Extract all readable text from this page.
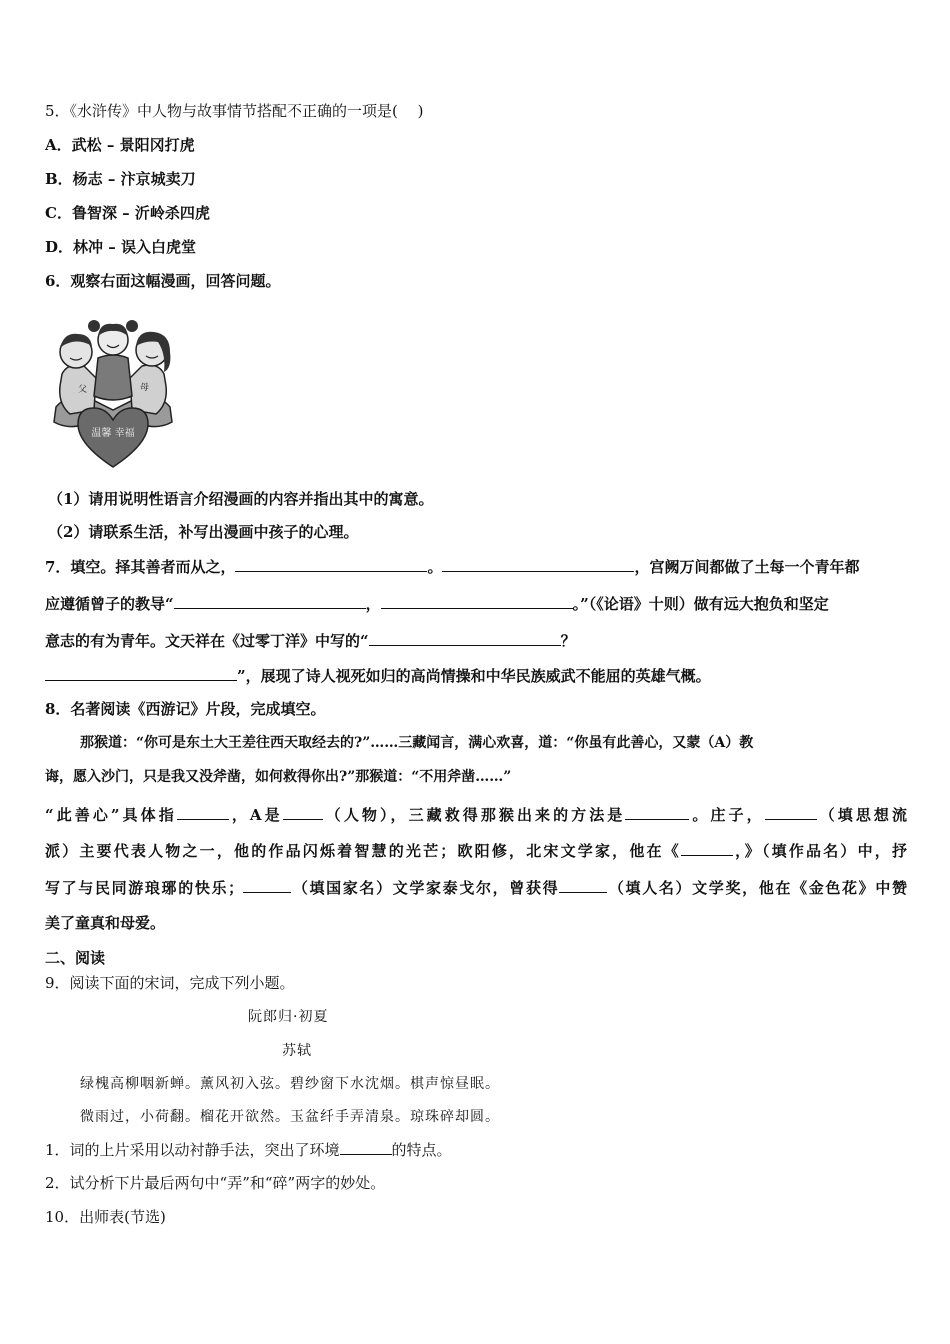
5．《水浒传》中人物与故事情节搭配不正确的一项是(　 )
A．武松 – 景阳冈打虎
B．杨志 – 汴京城卖刀
C．鲁智深 – 沂岭杀四虎
D．林冲 – 误入白虎堂
6．观察右面这幅漫画，回答问题。
父	母
温馨 幸福
（1）请用说明性语言介绍漫画的内容并指出其中的寓意。
（2）请联系生活，补写出漫画中孩子的心理。
7．填空。择其善者而从之，	。	，宫阙万间都做了土每一个青年都
应遵循曾子的教导“	，	。”（《论语》十则）做有远大抱负和坚定
意志的有为青年。文天祥在《过零丁洋》中写的“	？
”，展现了诗人视死如归的高尚情操和中华民族威武不能屈的英雄气概。
8．名著阅读《西游记》片段，完成填空。
那猴道：“你可是东土大王差往西天取经去的?”……三藏闻言，满心欢喜，道：“你虽有此善心，又蒙（A）教
诲，愿入沙门，只是我又没斧凿，如何救得你出?”那猴道：“不用斧凿……”
“此善心”具体指	，A是	（人物），三藏救得那猴出来的方法是	。庄子，	（填思想流
派）主要代表人物之一，他的作品闪烁着智慧的光芒；欧阳修，北宋文学家，他在《	，》（填作品名）中，抒
写了与民同游琅琊的快乐；	（填国家名）文学家泰戈尔，曾获得	（填人名）文学奖，他在《金色花》中赞
美了童真和母爱。
二、阅读
9．阅读下面的宋词，完成下列小题。
阮郎归·初夏
苏轼
绿槐高柳咽新蝉。薰风初入弦。碧纱窗下水沈烟。棋声惊昼眠。
微雨过，小荷翻。榴花开欲然。玉盆纤手弄清泉。琼珠碎却圆。
1．词的上片采用以动衬静手法，突出了环境	的特点。
2．试分析下片最后两句中“弄”和“碎”两字的妙处。
10．出师表(节选)
